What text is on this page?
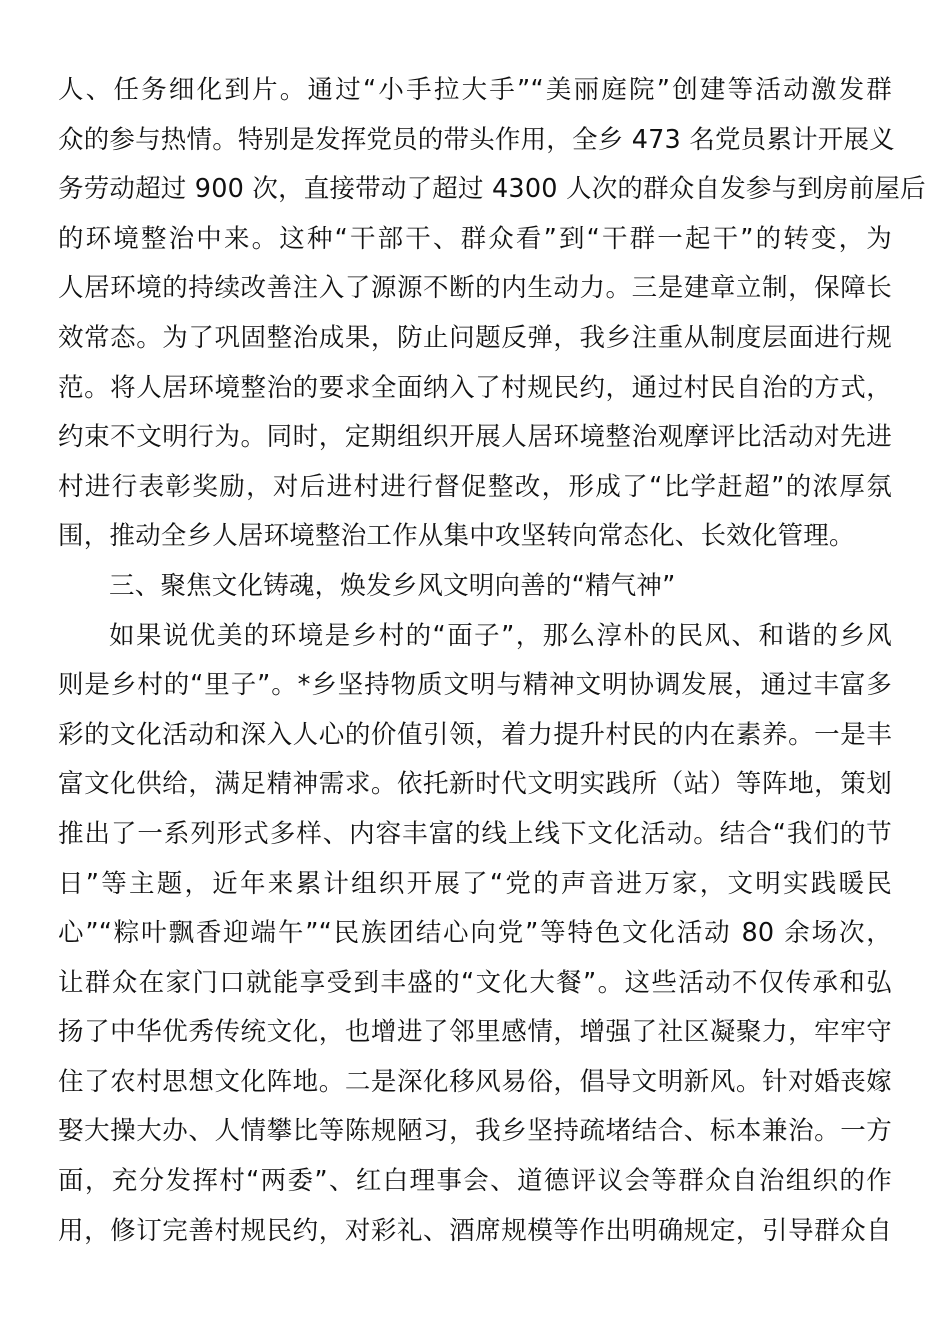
人、任务细化到片。通过“小手拉大手”“美丽庭院”创建等活动激发群
众的参与热情。特别是发挥党员的带头作用，全乡 473 名党员累计开展义
务劳动超过 900 次，直接带动了超过 4300 人次的群众自发参与到房前屋后
的环境整治中来。这种“干部干、群众看”到“干群一起干”的转变，为
人居环境的持续改善注入了源源不断的内生动力。三是建章立制，保障长
效常态。为了巩固整治成果，防止问题反弹，我乡注重从制度层面进行规
范。将人居环境整治的要求全面纳入了村规民约，通过村民自治的方式，
约束不文明行为。同时，定期组织开展人居环境整治观摩评比活动对先进
村进行表彰奖励，对后进村进行督促整改，形成了“比学赶超”的浓厚氛
围，推动全乡人居环境整治工作从集中攻坚转向常态化、长效化管理。
三、聚焦文化铸魂，焕发乡风文明向善的“精气神”
如果说优美的环境是乡村的“面子”，那么淳朴的民风、和谐的乡风
则是乡村的“里子”。*乡坚持物质文明与精神文明协调发展，通过丰富多
彩的文化活动和深入人心的价值引领，着力提升村民的内在素养。一是丰
富文化供给，满足精神需求。依托新时代文明实践所（站）等阵地，策划
推出了一系列形式多样、内容丰富的线上线下文化活动。结合“我们的节
日”等主题，近年来累计组织开展了“党的声音进万家，文明实践暖民
心”“粽叶飘香迎端午”“民族团结心向党”等特色文化活动 80 余场次，
让群众在家门口就能享受到丰盛的“文化大餐”。这些活动不仅传承和弘
扬了中华优秀传统文化，也增进了邻里感情，增强了社区凝聚力，牢牢守
住了农村思想文化阵地。二是深化移风易俗，倡导文明新风。针对婚丧嫁
娶大操大办、人情攀比等陈规陋习，我乡坚持疏堵结合、标本兼治。一方
面，充分发挥村“两委”、红白理事会、道德评议会等群众自治组织的作
用，修订完善村规民约，对彩礼、酒席规模等作出明确规定，引导群众自
